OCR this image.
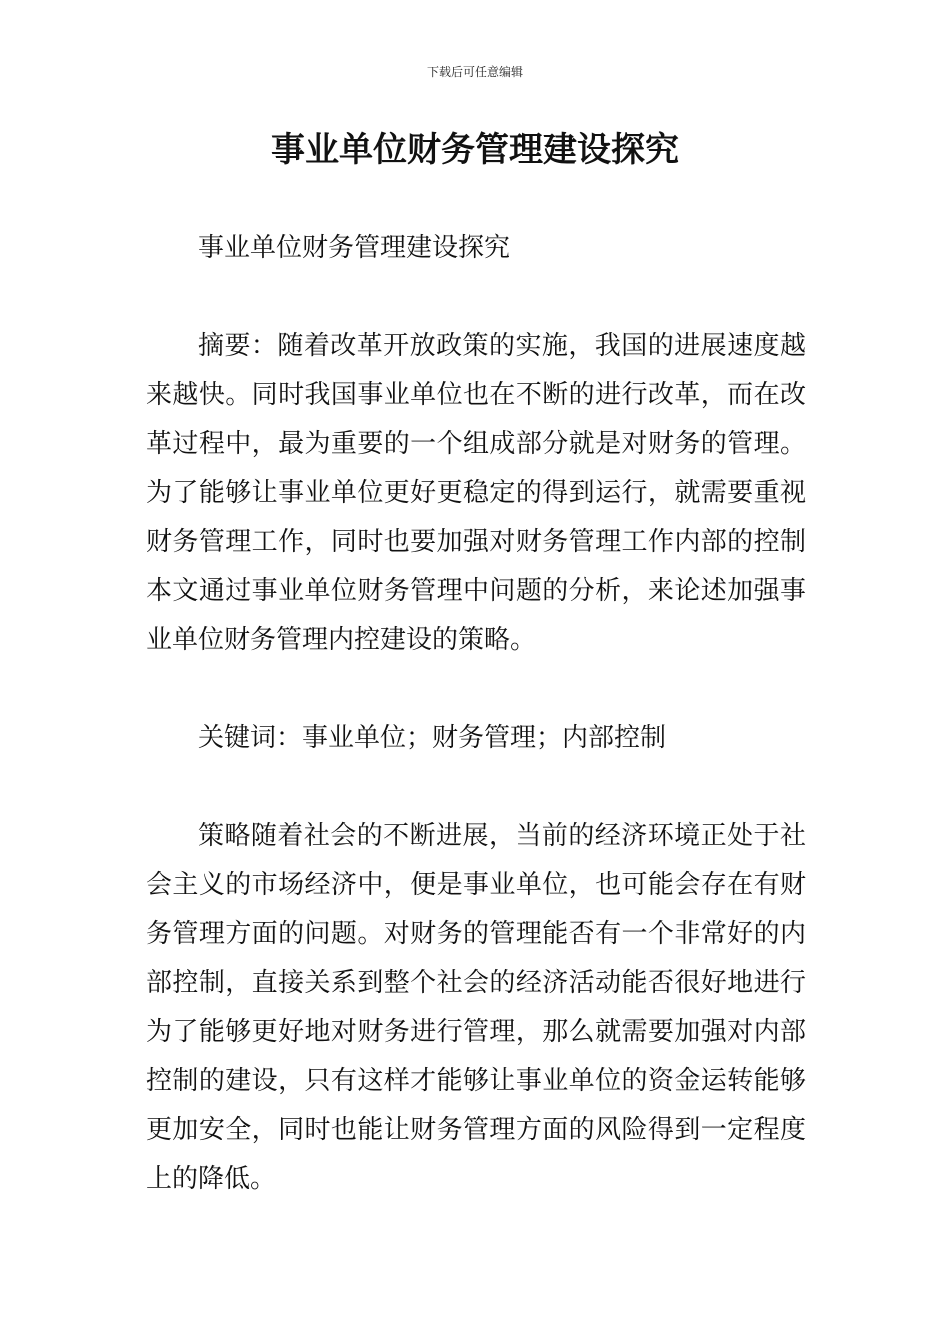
下载后可任意编辑
事业单位财务管理建设探究

事业单位财务管理建设探究

摘要：随着改革开放政策的实施，我国的进展速度越来越快。同时我国事业单位也在不断的进行改革，而在改革过程中，最为重要的一个组成部分就是对财务的管理。为了能够让事业单位更好更稳定的得到运行，就需要重视财务管理工作，同时也要加强对财务管理工作内部的控制本文通过事业单位财务管理中问题的分析，来论述加强事业单位财务管理内控建设的策略。

关键词：事业单位；财务管理；内部控制

策略随着社会的不断进展，当前的经济环境正处于社会主义的市场经济中，便是事业单位，也可能会存在有财务管理方面的问题。对财务的管理能否有一个非常好的内部控制，直接关系到整个社会的经济活动能否很好地进行为了能够更好地对财务进行管理，那么就需要加强对内部控制的建设，只有这样才能够让事业单位的资金运转能够更加安全，同时也能让财务管理方面的风险得到一定程度上的降低。
